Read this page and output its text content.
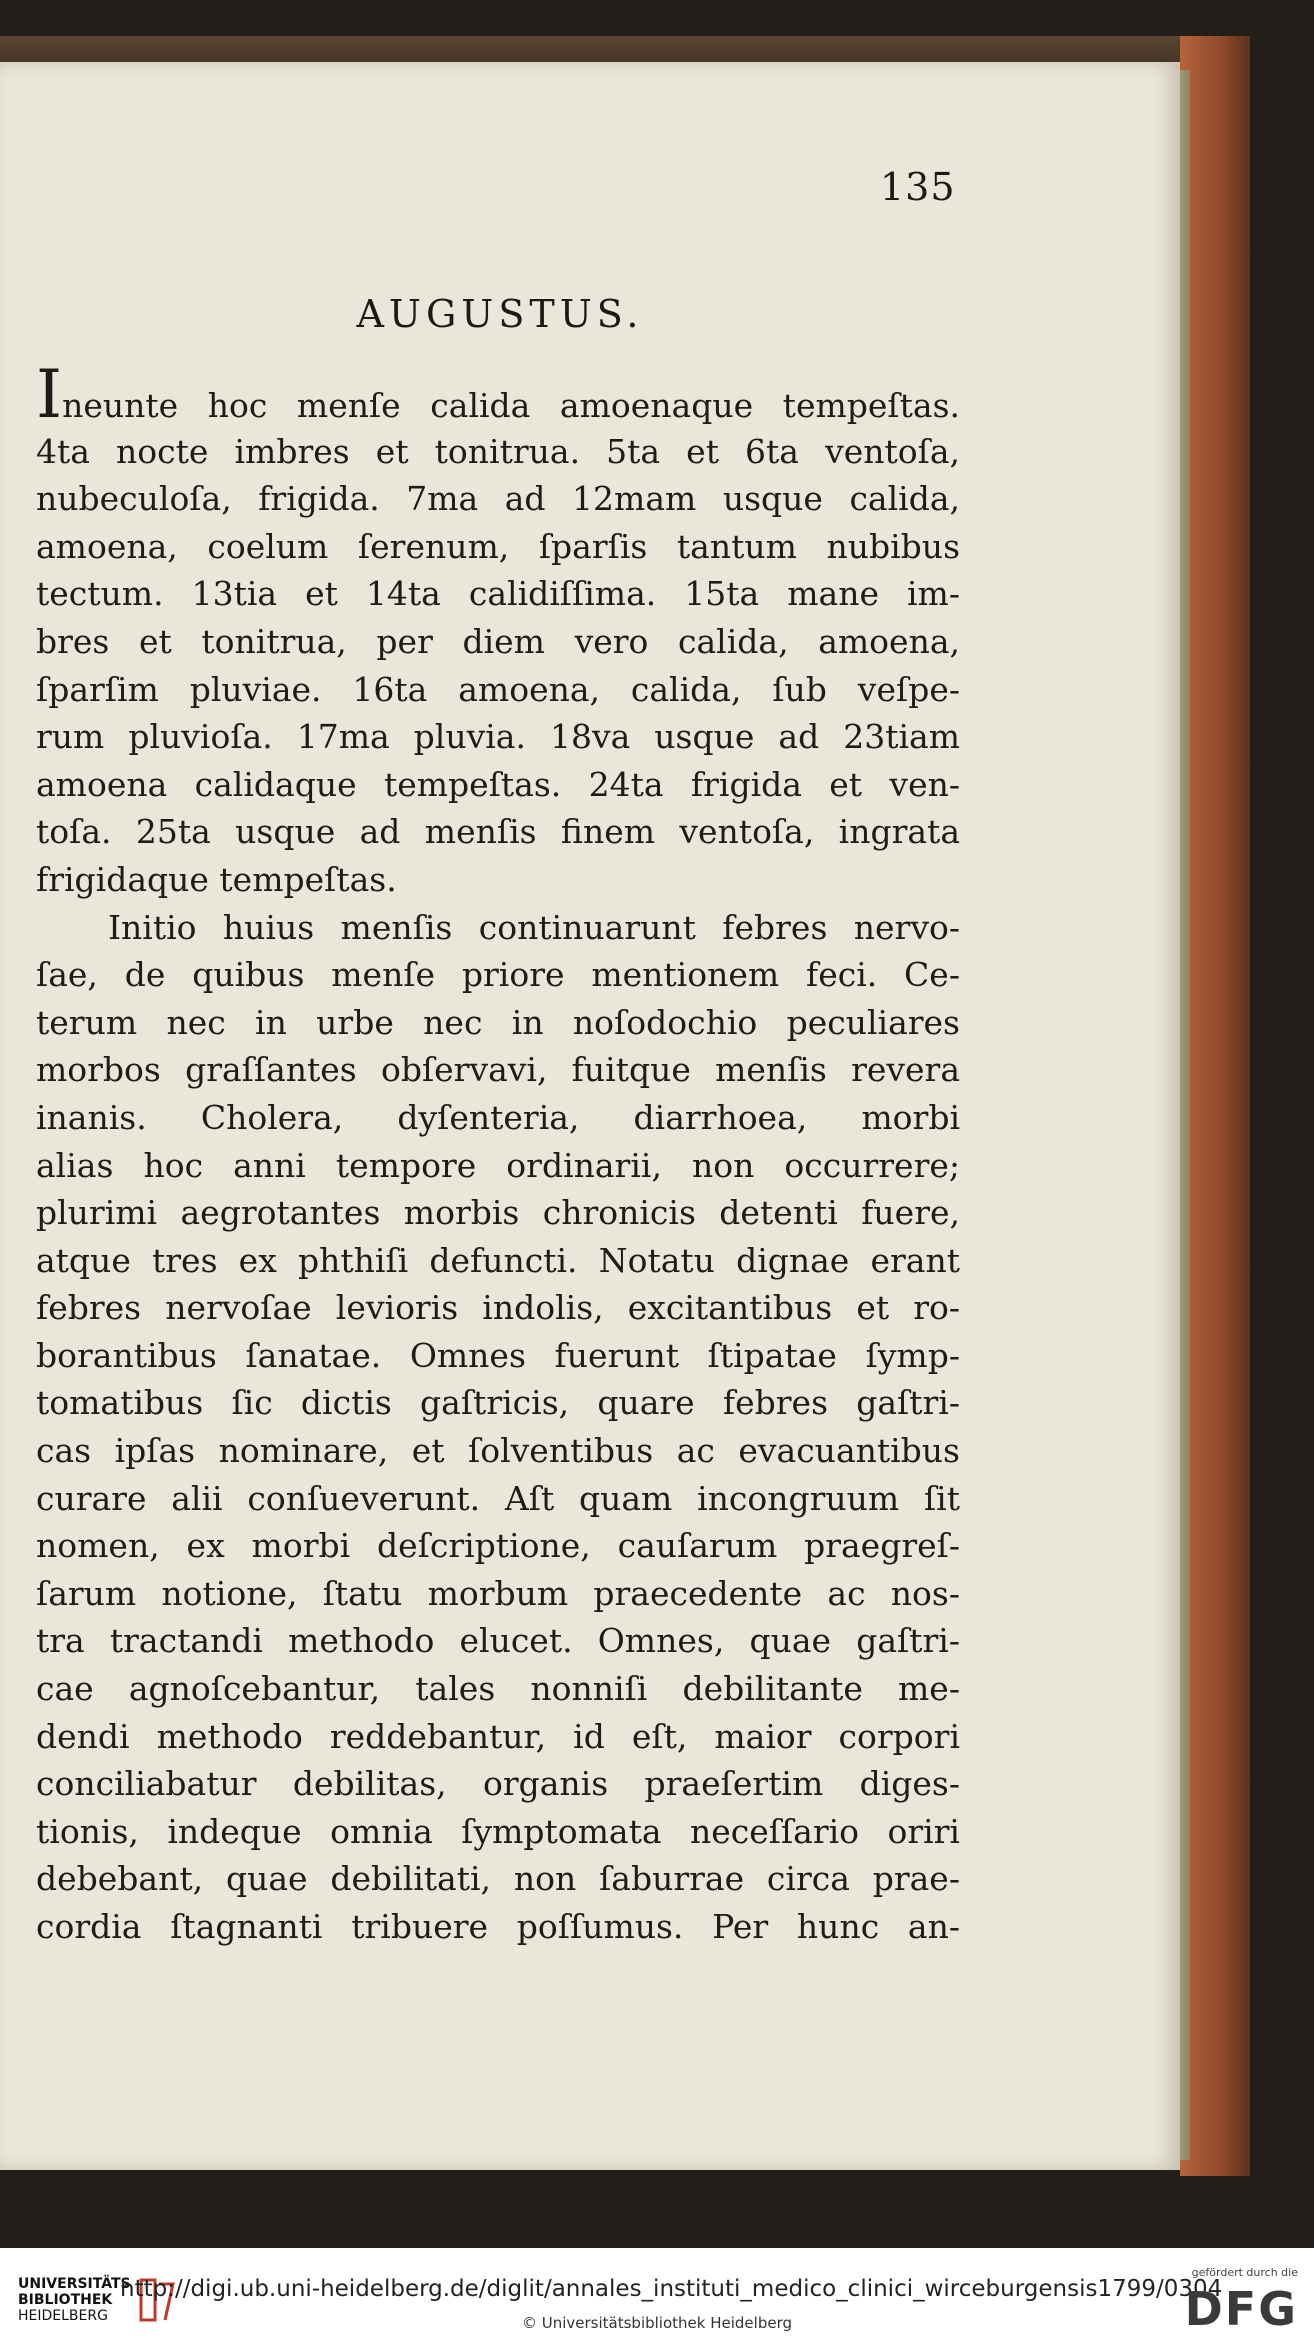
135
AUGUSTUS.
Ineunte hoc menſe calida amoenaque tempeſtas.
4ta nocte imbres et tonitrua. 5ta et 6ta ventoſa,
nubeculoſa, frigida. 7ma ad 12mam usque calida,
amoena, coelum ſerenum, ſparſis tantum nubibus
tectum. 13tia et 14ta calidiſſima. 15ta mane im-
bres et tonitrua, per diem vero calida, amoena,
ſparſim pluviae. 16ta amoena, calida, ſub veſpe-
rum pluvioſa. 17ma pluvia. 18va usque ad 23tiam
amoena calidaque tempeſtas. 24ta frigida et ven-
toſa. 25ta usque ad menſis finem ventoſa, ingrata
frigidaque tempeſtas.
Initio huius menſis continuarunt febres nervo-
ſae, de quibus menſe priore mentionem feci. Ce-
terum nec in urbe nec in noſodochio peculiares
morbos graſſantes obſervavi, fuitque menſis revera
inanis. Cholera, dyſenteria, diarrhoea, morbi
alias hoc anni tempore ordinarii, non occurrere;
plurimi aegrotantes morbis chronicis detenti fuere,
atque tres ex phthiſi defuncti. Notatu dignae erant
febres nervoſae levioris indolis, excitantibus et ro-
borantibus ſanatae. Omnes fuerunt ſtipatae ſymp-
tomatibus ſic dictis gaſtricis, quare febres gaſtri-
cas ipſas nominare, et ſolventibus ac evacuantibus
curare alii conſueverunt. Aſt quam incongruum ſit
nomen, ex morbi deſcriptione, cauſarum praegreſ-
ſarum notione, ſtatu morbum praecedente ac nos-
tra tractandi methodo elucet. Omnes, quae gaſtri-
cae agnoſcebantur, tales nonniſi debilitante me-
dendi methodo reddebantur, id eſt, maior corpori
conciliabatur debilitas, organis praeſertim diges-
tionis, indeque omnia ſymptomata neceſſario oriri
debebant, quae debilitati, non ſaburrae circa prae-
cordia ſtagnanti tribuere poſſumus. Per hunc an-
UNIVERSITÄTS
BIBLIOTHEK
HEIDELBERG
http://digi.ub.uni-heidelberg.de/diglit/annales_instituti_medico_clinici_wirceburgensis1799/0304
© Universitätsbibliothek Heidelberg
gefördert durch die
DFG
